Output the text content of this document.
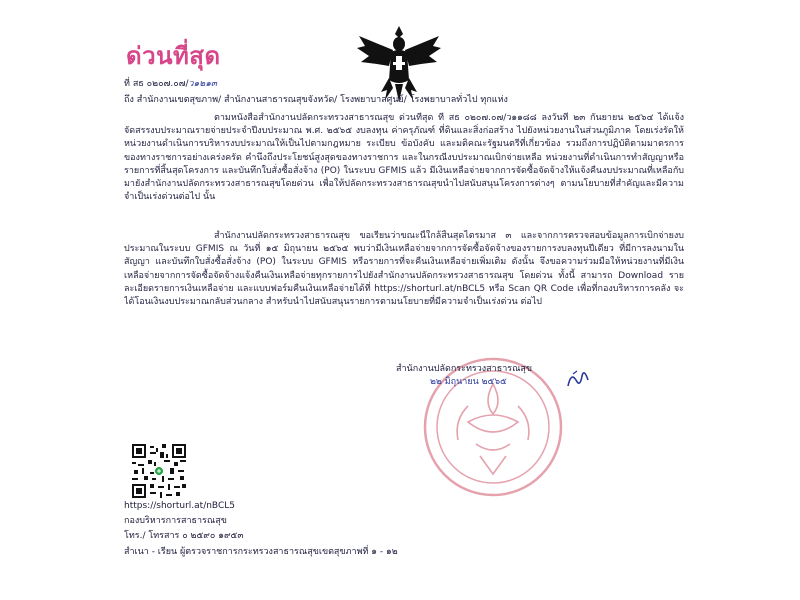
ด่วนที่สุด
ที่ สธ ๐๒๐๗.๐๗/ว๑๒๑๓
ถึง สำนักงานเขตสุขภาพ/ สำนักงานสาธารณสุขจังหวัด/ โรงพยาบาลศูนย์/ โรงพยาบาลทั่วไป ทุกแห่ง
ตามหนังสือสำนักงานปลัดกระทรวงสาธารณสุข ด่วนที่สุด ที่ สธ ๐๒๐๗.๐๗/ว๑๑๘๘ ลงวันที่ ๒๓ กันยายน ๒๕๖๔ ได้แจ้งจัดสรรงบประมาณรายจ่ายประจำปีงบประมาณ พ.ศ. ๒๕๖๕ งบลงทุน ค่าครุภัณฑ์ ที่ดินและสิ่งก่อสร้าง ไปยังหน่วยงานในส่วนภูมิภาค โดยเร่งรัดให้หน่วยงานดำเนินการบริหารงบประมาณให้เป็นไปตามกฎหมาย ระเบียบ ข้อบังคับ และมติคณะรัฐมนตรีที่เกี่ยวข้อง รวมถึงการปฏิบัติตามมาตรการของทางราชการอย่างเคร่งครัด คำนึงถึงประโยชน์สูงสุดของทางราชการ และในกรณีงบประมาณเบิกจ่ายเหลือ หน่วยงานที่ดำเนินการทำสัญญาหรือรายการที่สิ้นสุดโครงการ และบันทึกใบสั่งซื้อสั่งจ้าง (PO) ในระบบ GFMIS แล้ว มีเงินเหลือจ่ายจากการจัดซื้อจัดจ้างให้แจ้งคืนงบประมาณที่เหลือกับมายังสำนักงานปลัดกระทรวงสาธารณสุขโดยด่วน เพื่อให้ปลัดกระทรวงสาธารณสุขนำไปสนับสนุนโครงการต่างๆ ตามนโยบายที่สำคัญและมีความจำเป็นเร่งด่วนต่อไป นั้น
สำนักงานปลัดกระทรวงสาธารณสุข ขอเรียนว่าขณะนี้ใกล้สิ้นสุดไตรมาส ๓ และจากการตรวจสอบข้อมูลการเบิกจ่ายงบประมาณในระบบ GFMIS ณ วันที่ ๑๕ มิถุนายน ๒๕๖๕ พบว่ามีเงินเหลือจ่ายจากการจัดซื้อจัดจ้างของรายการงบลงทุนปีเดียว ที่มีการลงนามในสัญญา และบันทึกใบสั่งซื้อสั่งจ้าง (PO) ในระบบ GFMIS หรือรายการที่จะคืนเงินเหลือจ่ายเพิ่มเติม ดังนั้น จึงขอความร่วมมือให้หน่วยงานที่มีเงินเหลือจ่ายจากการจัดซื้อจัดจ้างแจ้งคืนเงินเหลือจ่ายทุกรายการไปยังสำนักงานปลัดกระทรวงสาธารณสุข โดยด่วน ทั้งนี้ สามารถ Download รายละเอียดรายการเงินเหลือจ่าย และแบบฟอร์มคืนเงินเหลือจ่ายได้ที่ https://shorturl.at/nBCL5 หรือ Scan QR Code เพื่อที่กองบริหารการคลัง จะได้โอนเงินงบประมาณกลับส่วนกลาง สำหรับนำไปสนับสนุนรายการตามนโยบายที่มีความจำเป็นเร่งด่วน ต่อไป
สำนักงานปลัดกระทรวงสาธารณสุข
๒๒ มิถุนายน ๒๕๖๕
https://shorturl.at/nBCL5
กองบริหารการสาธารณสุข
โทร./ โทรสาร ๐ ๒๕๙๐ ๑๙๕๓
สำเนา - เรียน ผู้ตรวจราชการกระทรวงสาธารณสุขเขตสุขภาพที่ ๑ - ๑๒
